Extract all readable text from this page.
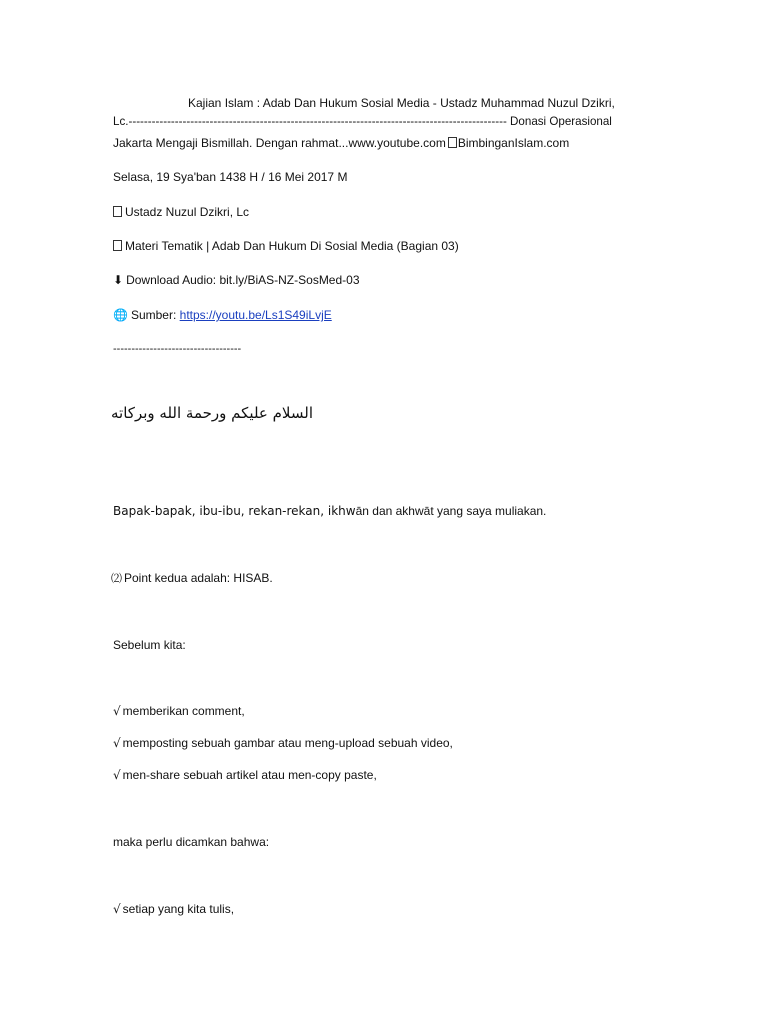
Kajian Islam : Adab Dan Hukum Sosial Media - Ustadz Muhammad Nuzul Dzikri,
Lc.-------------------------------------------------------------------------------------------------- Donasi Operasional
Jakarta Mengaji Bismillah. Dengan rahmat...www.youtube.com BimbinganIslam.com
Selasa, 19 Sya'ban 1438 H / 16 Mei 2017 M
Ustadz Nuzul Dzikri, Lc
Materi Tematik | Adab Dan Hukum Di Sosial Media (Bagian 03)
⬇ Download Audio: bit.ly/BiAS-NZ-SosMed-03
🌐 Sumber: https://youtu.be/Ls1S49iLvjE
-----------------------------------
السلام عليكم ورحمة الله وبركاته
Bapak-bapak, ibu-ibu, rekan-rekan, ikhwān dan akhwāt yang saya muliakan.
⑵ Point kedua adalah: HISAB.
Sebelum kita:
√ memberikan comment,
√ memposting sebuah gambar atau meng-upload sebuah video,
√ men-share sebuah artikel atau men-copy paste,
maka perlu dicamkan bahwa:
√ setiap yang kita tulis,
